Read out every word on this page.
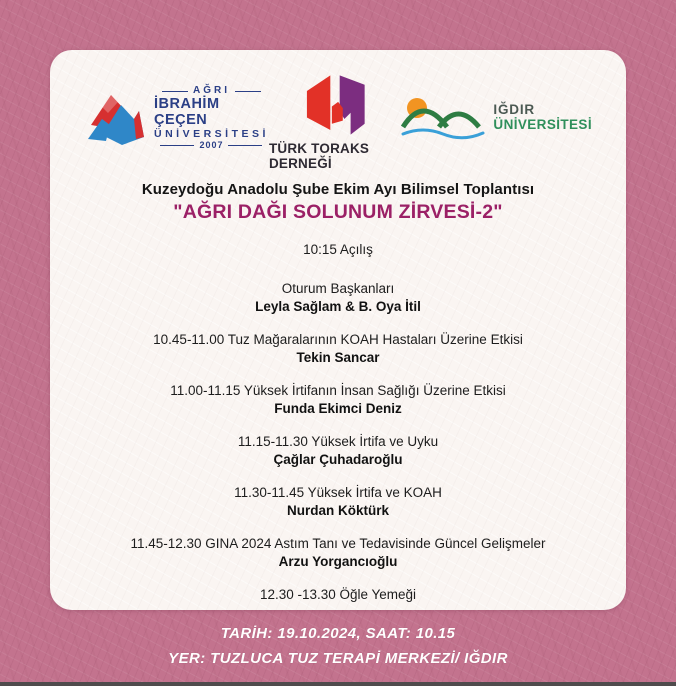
AĞRI
İBRAHİM ÇEÇEN
ÜNİVERSİTESİ
2007	TÜRK TORAKS DERNEĞİ
IĞDIR
ÜNİVERSİTESİ
Kuzeydoğu Anadolu Şube Ekim Ayı Bilimsel Toplantısı
"AĞRI DAĞI SOLUNUM ZİRVESİ-2"
10:15 Açılış
Oturum Başkanları
Leyla Sağlam & B. Oya İtil
10.45-11.00 Tuz Mağaralarının KOAH Hastaları Üzerine Etkisi
Tekin Sancar
11.00-11.15 Yüksek İrtifanın İnsan Sağlığı Üzerine Etkisi
Funda Ekimci Deniz
11.15-11.30 Yüksek İrtifa ve Uyku
Çağlar Çuhadaroğlu
11.30-11.45 Yüksek İrtifa ve KOAH
Nurdan Köktürk
11.45-12.30 GINA 2024 Astım Tanı ve Tedavisinde Güncel Gelişmeler
Arzu Yorgancıoğlu
12.30 -13.30 Öğle Yemeği
TARİH: 19.10.2024, SAAT: 10.15
YER: TUZLUCA TUZ TERAPİ MERKEZİ/ IĞDIR
